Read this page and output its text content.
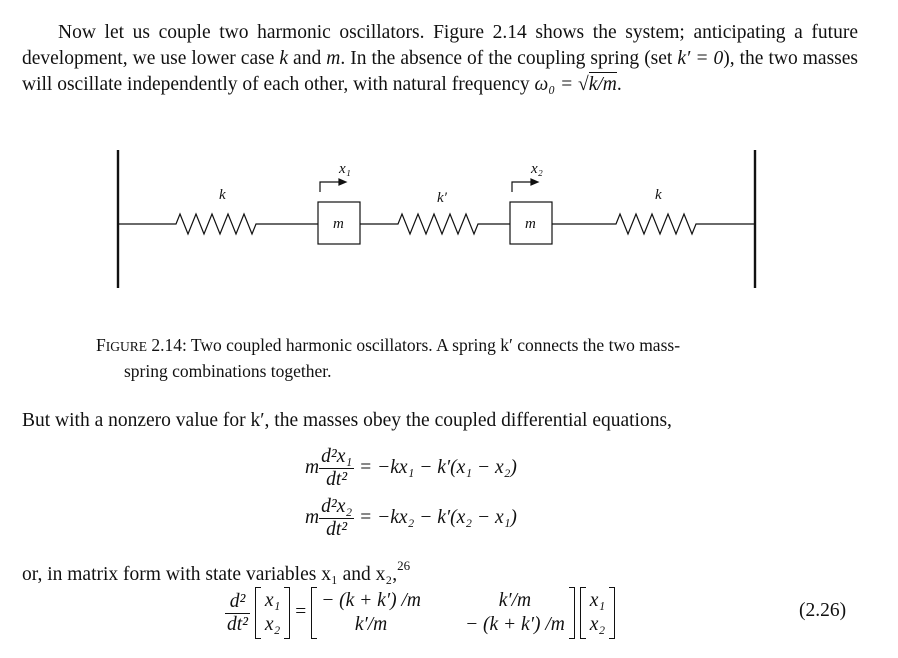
Now let us couple two harmonic oscillators. Figure 2.14 shows the system; anticipating a future development, we use lower case k and m. In the absence of the coupling spring (set k′ = 0), the two masses will oscillate independently of each other, with natural frequency ω₀ = √k/m.
k	k′	k
x₁	x₂
m	m
FIGURE 2.14: Two coupled harmonic oscillators. A spring k′ connects the two mass-
spring combinations together.
But with a nonzero value for k′, the masses obey the coupled differential equations,
m $\frac{\text{d²x₁}}{\text{dt²}} = -kx_1 - k'(x_1 - x_2)$
m $\frac{\text{d²x₂}}{\text{dt²}} = -kx_2 - k'(x_2 - x_1)$
or, in matrix form with state variables x₁ and x₂,$^{26}$
$\frac{\text{d²}}{\text{dt²}}$
x₁
x₂
=
− (k + k′) /m	k′/m
k′/m	− (k + k′) /m

x₁
x₂
(2.26)
